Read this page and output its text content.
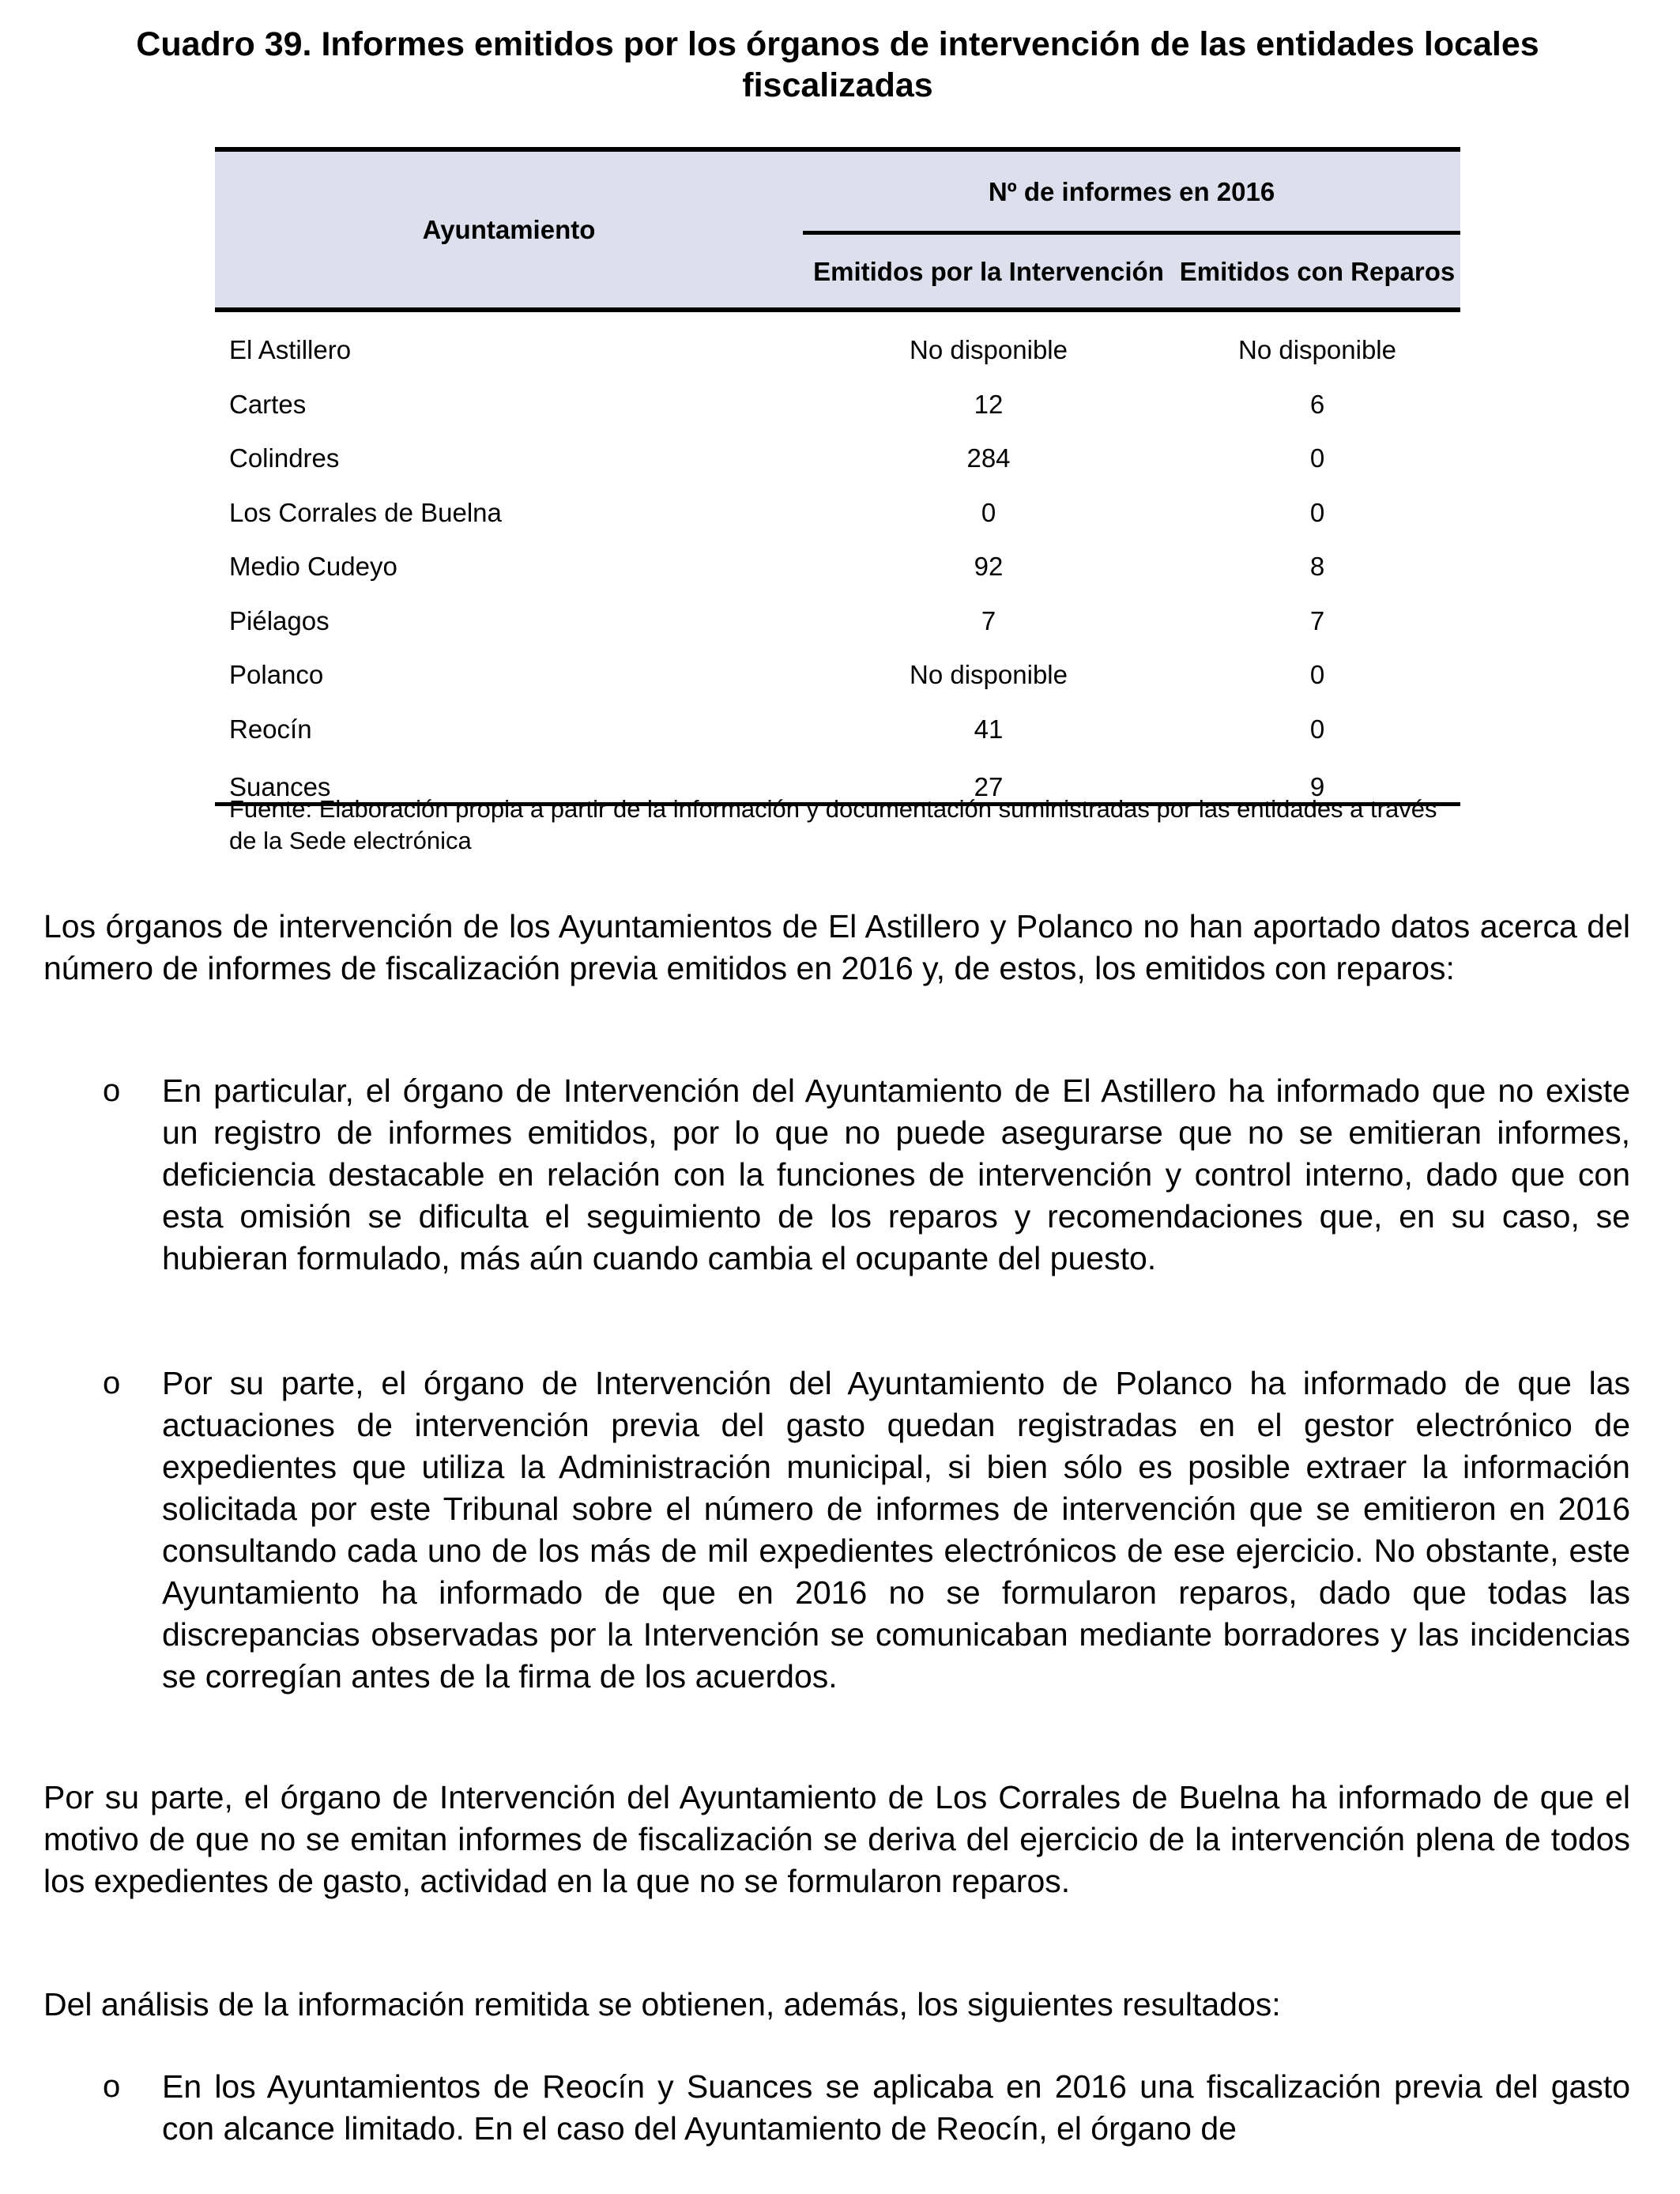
Cuadro 39. Informes emitidos por los órganos de intervención de las entidades locales fiscalizadas
Ayuntamiento	Nº de informes en 2016	
	Emitidos por la Intervención	Emitidos con Reparos
El Astillero	No disponible	No disponible
Cartes	12	6
Colindres	284	0
Los Corrales de Buelna	0	0
Medio Cudeyo	92	8
Piélagos	7	7
Polanco	No disponible	0
Reocín	41	0
Suances	27	9
Fuente: Elaboración propia a partir de la información y documentación suministradas por las entidades a través de la Sede electrónica
Los órganos de intervención de los Ayuntamientos de El Astillero y Polanco no han aportado datos acerca del número de informes de fiscalización previa emitidos en 2016 y, de estos, los emitidos con reparos:
o En particular, el órgano de Intervención del Ayuntamiento de El Astillero ha informado que no existe un registro de informes emitidos, por lo que no puede asegurarse que no se emitieran informes, deficiencia destacable en relación con la funciones de intervención y control interno, dado que con esta omisión se dificulta el seguimiento de los reparos y recomendaciones que, en su caso, se hubieran formulado, más aún cuando cambia el ocupante del puesto.
o Por su parte, el órgano de Intervención del Ayuntamiento de Polanco ha informado de que las actuaciones de intervención previa del gasto quedan registradas en el gestor electrónico de expedientes que utiliza la Administración municipal, si bien sólo es posible extraer la información solicitada por este Tribunal sobre el número de informes de intervención que se emitieron en 2016 consultando cada uno de los más de mil expedientes electrónicos de ese ejercicio. No obstante, este Ayuntamiento ha informado de que en 2016 no se formularon reparos, dado que todas las discrepancias observadas por la Intervención se comunicaban mediante borradores y las incidencias se corregían antes de la firma de los acuerdos.
Por su parte, el órgano de Intervención del Ayuntamiento de Los Corrales de Buelna ha informado de que el motivo de que no se emitan informes de fiscalización se deriva del ejercicio de la intervención plena de todos los expedientes de gasto, actividad en la que no se formularon reparos.
Del análisis de la información remitida se obtienen, además, los siguientes resultados:
o En los Ayuntamientos de Reocín y Suances se aplicaba en 2016 una fiscalización previa del gasto con alcance limitado. En el caso del Ayuntamiento de Reocín, el órgano de
